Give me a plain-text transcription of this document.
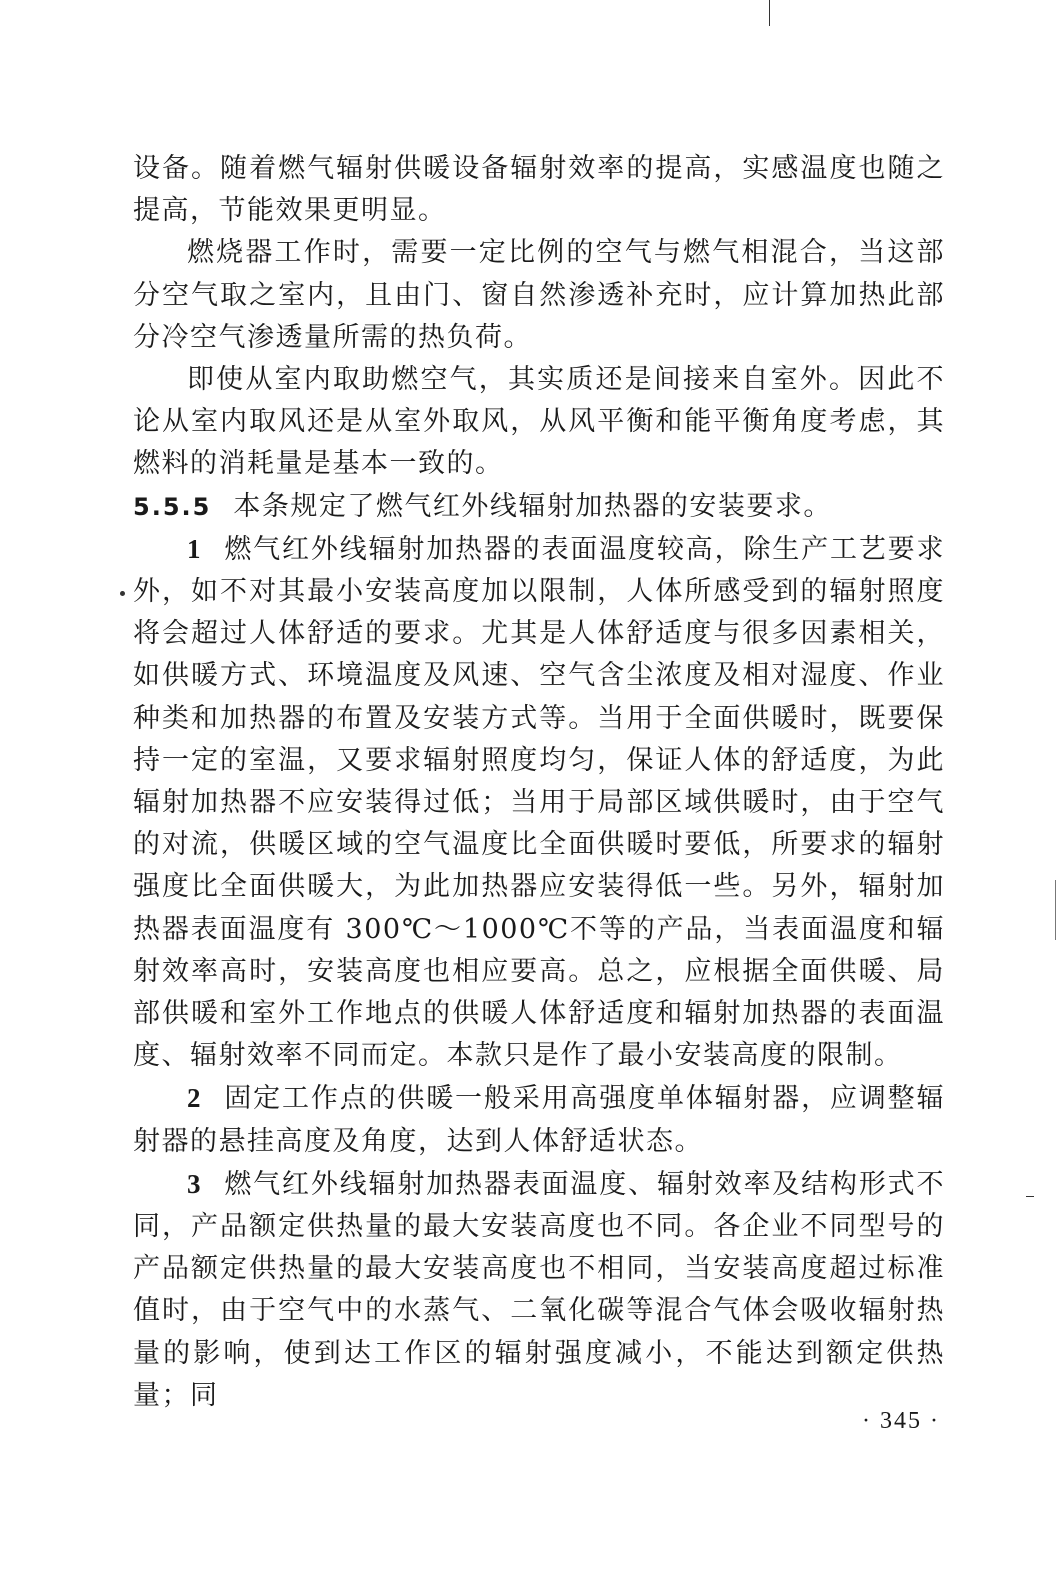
设备。随着燃气辐射供暖设备辐射效率的提高，实感温度也随之提高，节能效果更明显。

燃烧器工作时，需要一定比例的空气与燃气相混合，当这部分空气取之室内，且由门、窗自然渗透补充时，应计算加热此部分冷空气渗透量所需的热负荷。

即使从室内取助燃空气，其实质还是间接来自室外。因此不论从室内取风还是从室外取风，从风平衡和能平衡角度考虑，其燃料的消耗量是基本一致的。

5.5.5 本条规定了燃气红外线辐射加热器的安装要求。

1 燃气红外线辐射加热器的表面温度较高，除生产工艺要求外，如不对其最小安装高度加以限制，人体所感受到的辐射照度将会超过人体舒适的要求。尤其是人体舒适度与很多因素相关，如供暖方式、环境温度及风速、空气含尘浓度及相对湿度、作业种类和加热器的布置及安装方式等。当用于全面供暖时，既要保持一定的室温，又要求辐射照度均匀，保证人体的舒适度，为此辐射加热器不应安装得过低；当用于局部区域供暖时，由于空气的对流，供暖区域的空气温度比全面供暖时要低，所要求的辐射强度比全面供暖大，为此加热器应安装得低一些。另外，辐射加热器表面温度有 300℃～1000℃不等的产品，当表面温度和辐射效率高时，安装高度也相应要高。总之，应根据全面供暖、局部供暖和室外工作地点的供暖人体舒适度和辐射加热器的表面温度、辐射效率不同而定。本款只是作了最小安装高度的限制。

2 固定工作点的供暖一般采用高强度单体辐射器，应调整辐射器的悬挂高度及角度，达到人体舒适状态。

3 燃气红外线辐射加热器表面温度、辐射效率及结构形式不同，产品额定供热量的最大安装高度也不同。各企业不同型号的产品额定供热量的最大安装高度也不相同，当安装高度超过标准值时，由于空气中的水蒸气、二氧化碳等混合气体会吸收辐射热量的影响，使到达工作区的辐射强度减小，不能达到额定供热量；同

· 345 ·
